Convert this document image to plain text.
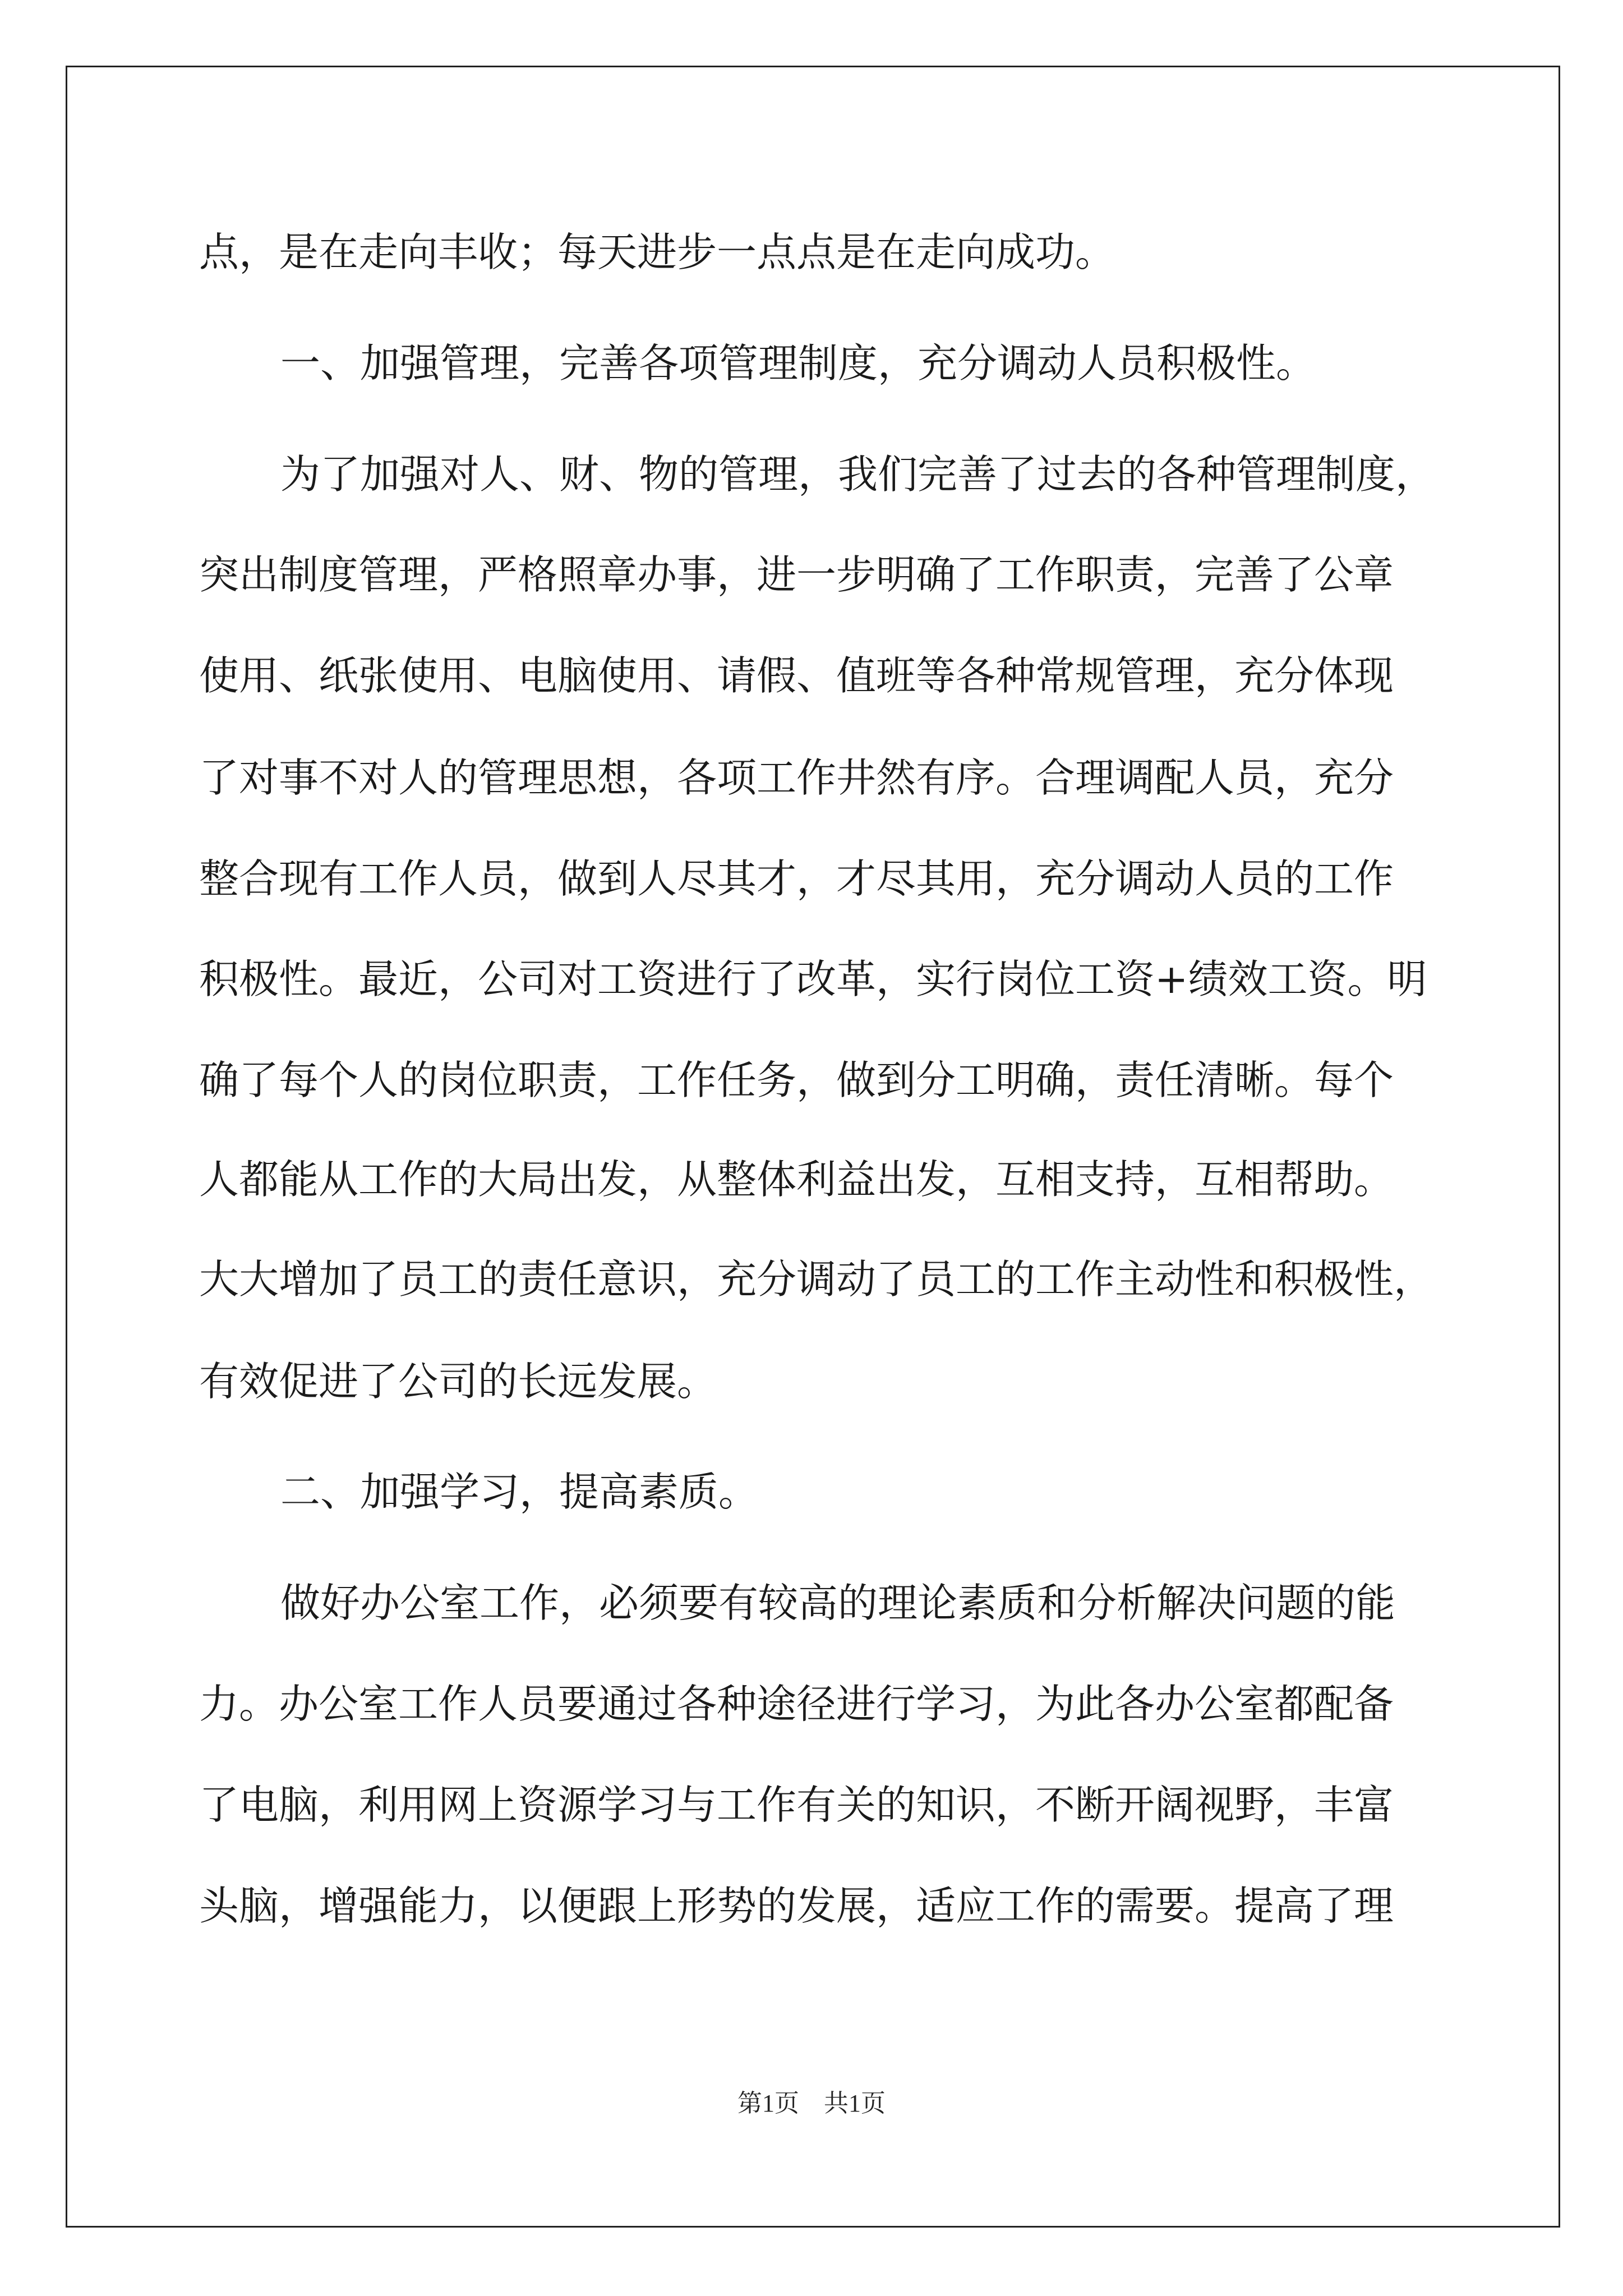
点，是在走向丰收；每天进步一点点是在走向成功。
一、加强管理，完善各项管理制度，充分调动人员积极性。
为了加强对人、财、物的管理，我们完善了过去的各种管理制度，
突出制度管理，严格照章办事，进一步明确了工作职责，完善了公章
使用、纸张使用、电脑使用、请假、值班等各种常规管理，充分体现
了对事不对人的管理思想，各项工作井然有序。合理调配人员，充分
整合现有工作人员，做到人尽其才，才尽其用，充分调动人员的工作
积极性。最近，公司对工资进行了改革，实行岗位工资+绩效工资。明
确了每个人的岗位职责，工作任务，做到分工明确，责任清晰。每个
人都能从工作的大局出发，从整体利益出发，互相支持，互相帮助。
大大增加了员工的责任意识，充分调动了员工的工作主动性和积极性，
有效促进了公司的长远发展。
二、加强学习，提高素质。
做好办公室工作，必须要有较高的理论素质和分析解决问题的能
力。办公室工作人员要通过各种途径进行学习，为此各办公室都配备
了电脑，利用网上资源学习与工作有关的知识，不断开阔视野，丰富
头脑，增强能力，以便跟上形势的发展，适应工作的需要。提高了理
第1页　共1页
